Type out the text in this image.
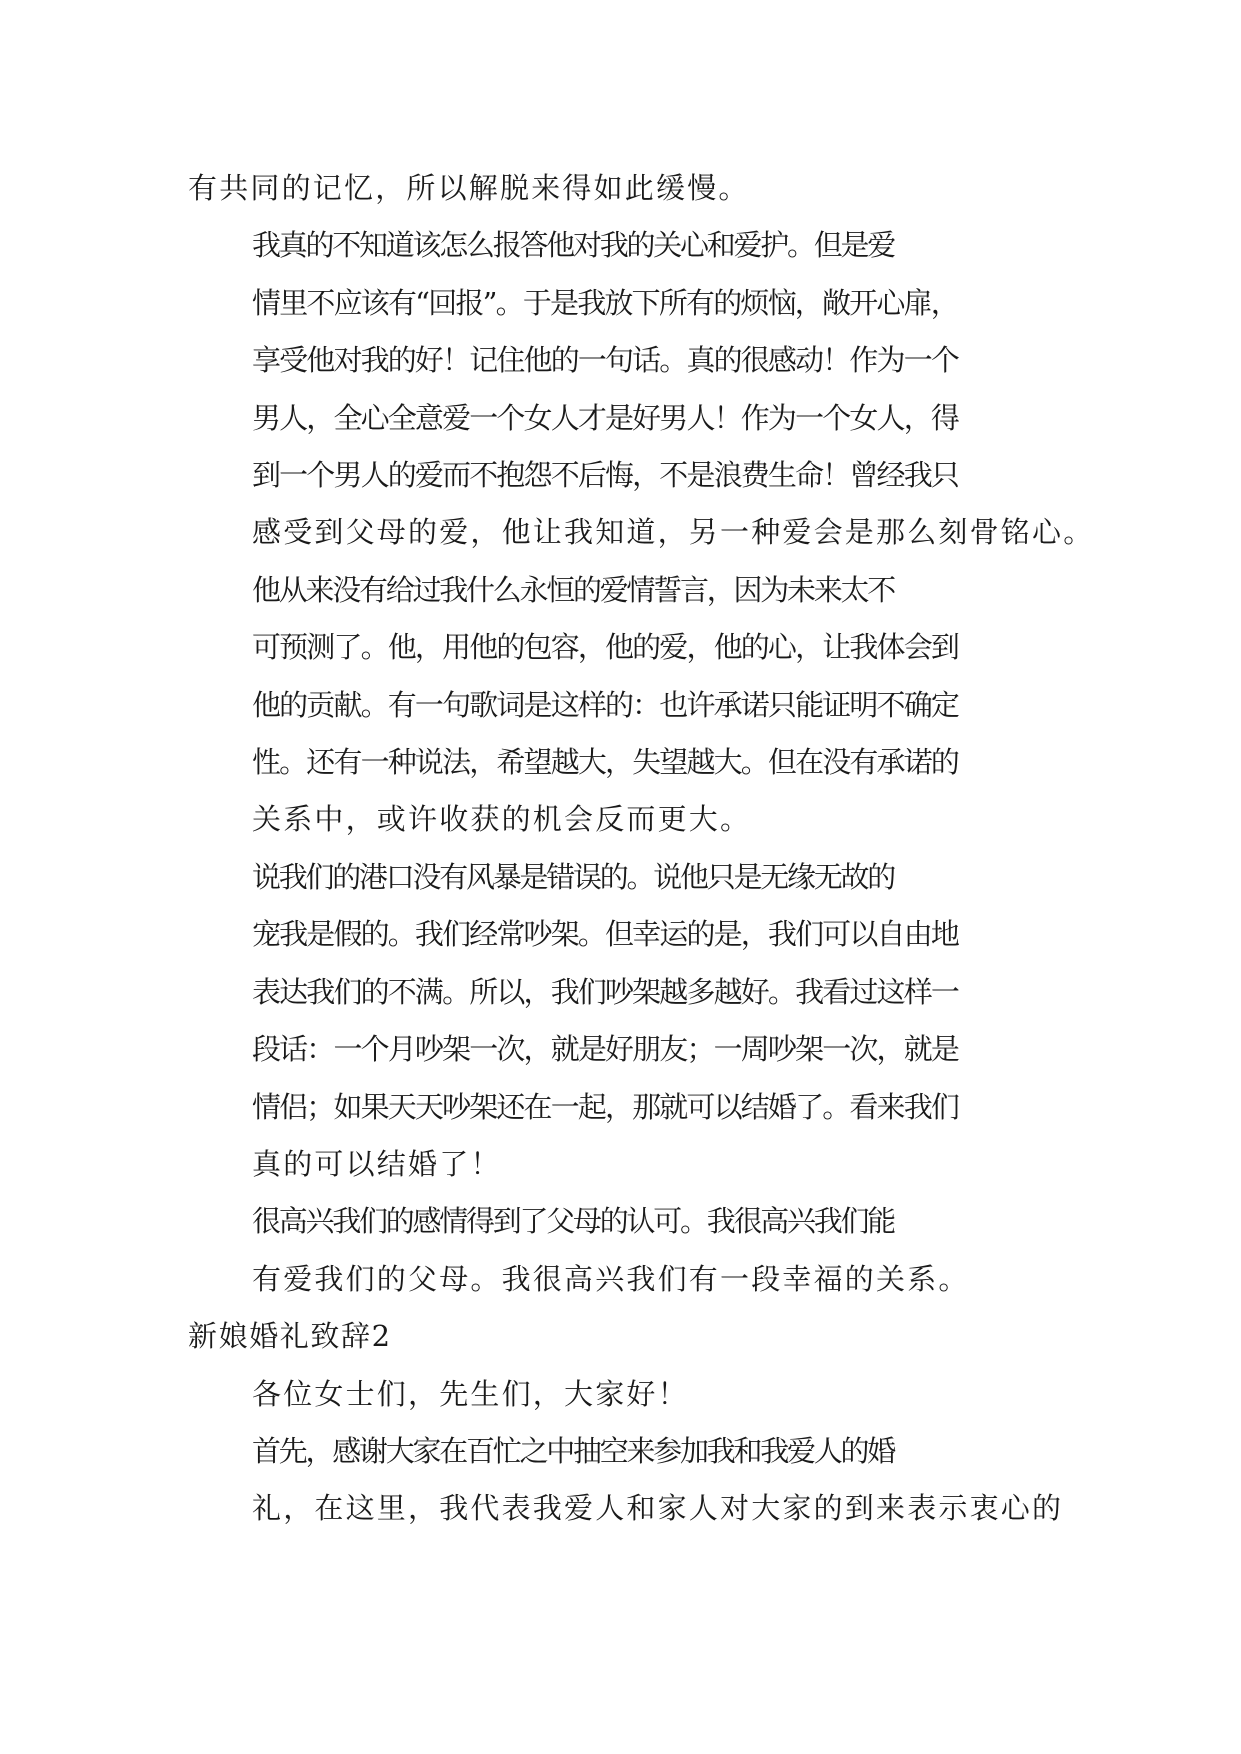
有共同的记忆，所以解脱来得如此缓慢。
我真的不知道该怎么报答他对我的关心和爱护。但是爱
情里不应该有“回报”。于是我放下所有的烦恼，敞开心扉，
享受他对我的好！记住他的一句话。真的很感动！作为一个
男人，全心全意爱一个女人才是好男人！作为一个女人，得
到一个男人的爱而不抱怨不后悔，不是浪费生命！曾经我只
感受到父母的爱，他让我知道，另一种爱会是那么刻骨铭心。
他从来没有给过我什么永恒的爱情誓言，因为未来太不
可预测了。他，用他的包容，他的爱，他的心，让我体会到
他的贡献。有一句歌词是这样的：也许承诺只能证明不确定
性。还有一种说法，希望越大，失望越大。但在没有承诺的
关系中，或许收获的机会反而更大。
说我们的港口没有风暴是错误的。说他只是无缘无故的
宠我是假的。我们经常吵架。但幸运的是，我们可以自由地
表达我们的不满。所以，我们吵架越多越好。我看过这样一
段话：一个月吵架一次，就是好朋友；一周吵架一次，就是
情侣；如果天天吵架还在一起，那就可以结婚了。看来我们
真的可以结婚了！
很高兴我们的感情得到了父母的认可。我很高兴我们能
有爱我们的父母。我很高兴我们有一段幸福的关系。
新娘婚礼致辞2
各位女士们，先生们，大家好！
首先，感谢大家在百忙之中抽空来参加我和我爱人的婚
礼，在这里，我代表我爱人和家人对大家的到来表示衷心的
